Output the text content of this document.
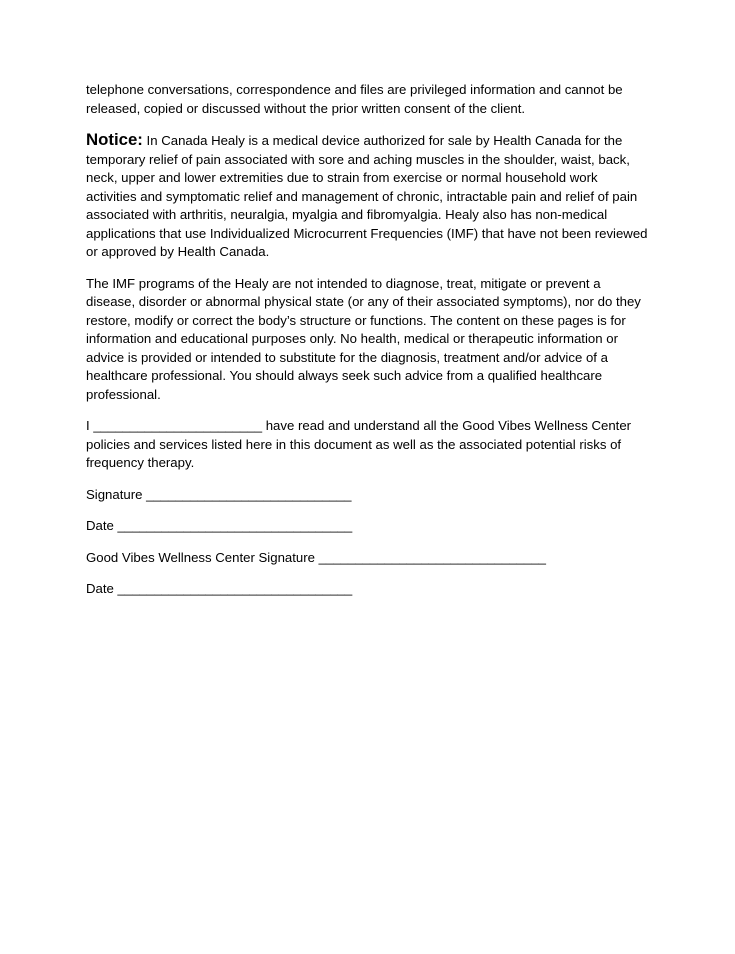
telephone conversations, correspondence and files are privileged information and cannot be released, copied or discussed without the prior written consent of the client.

Notice: In Canada Healy is a medical device authorized for sale by Health Canada for the temporary relief of pain associated with sore and aching muscles in the shoulder, waist, back, neck, upper and lower extremities due to strain from exercise or normal household work activities and symptomatic relief and management of chronic, intractable pain and relief of pain associated with arthritis, neuralgia, myalgia and fibromyalgia. Healy also has non-medical applications that use Individualized Microcurrent Frequencies (IMF) that have not been reviewed or approved by Health Canada.

The IMF programs of the Healy are not intended to diagnose, treat, mitigate or prevent a disease, disorder or abnormal physical state (or any of their associated symptoms), nor do they restore, modify or correct the body’s structure or functions. The content on these pages is for information and educational purposes only. No health, medical or therapeutic information or advice is provided or intended to substitute for the diagnosis, treatment and/or advice of a healthcare professional. You should always seek such advice from a qualified healthcare professional.

I _______________________ have read and understand all the Good Vibes Wellness Center policies and services listed here in this document as well as the associated potential risks of frequency therapy.

Signature ____________________________

Date ________________________________

Good Vibes Wellness Center Signature _______________________________

Date ________________________________
